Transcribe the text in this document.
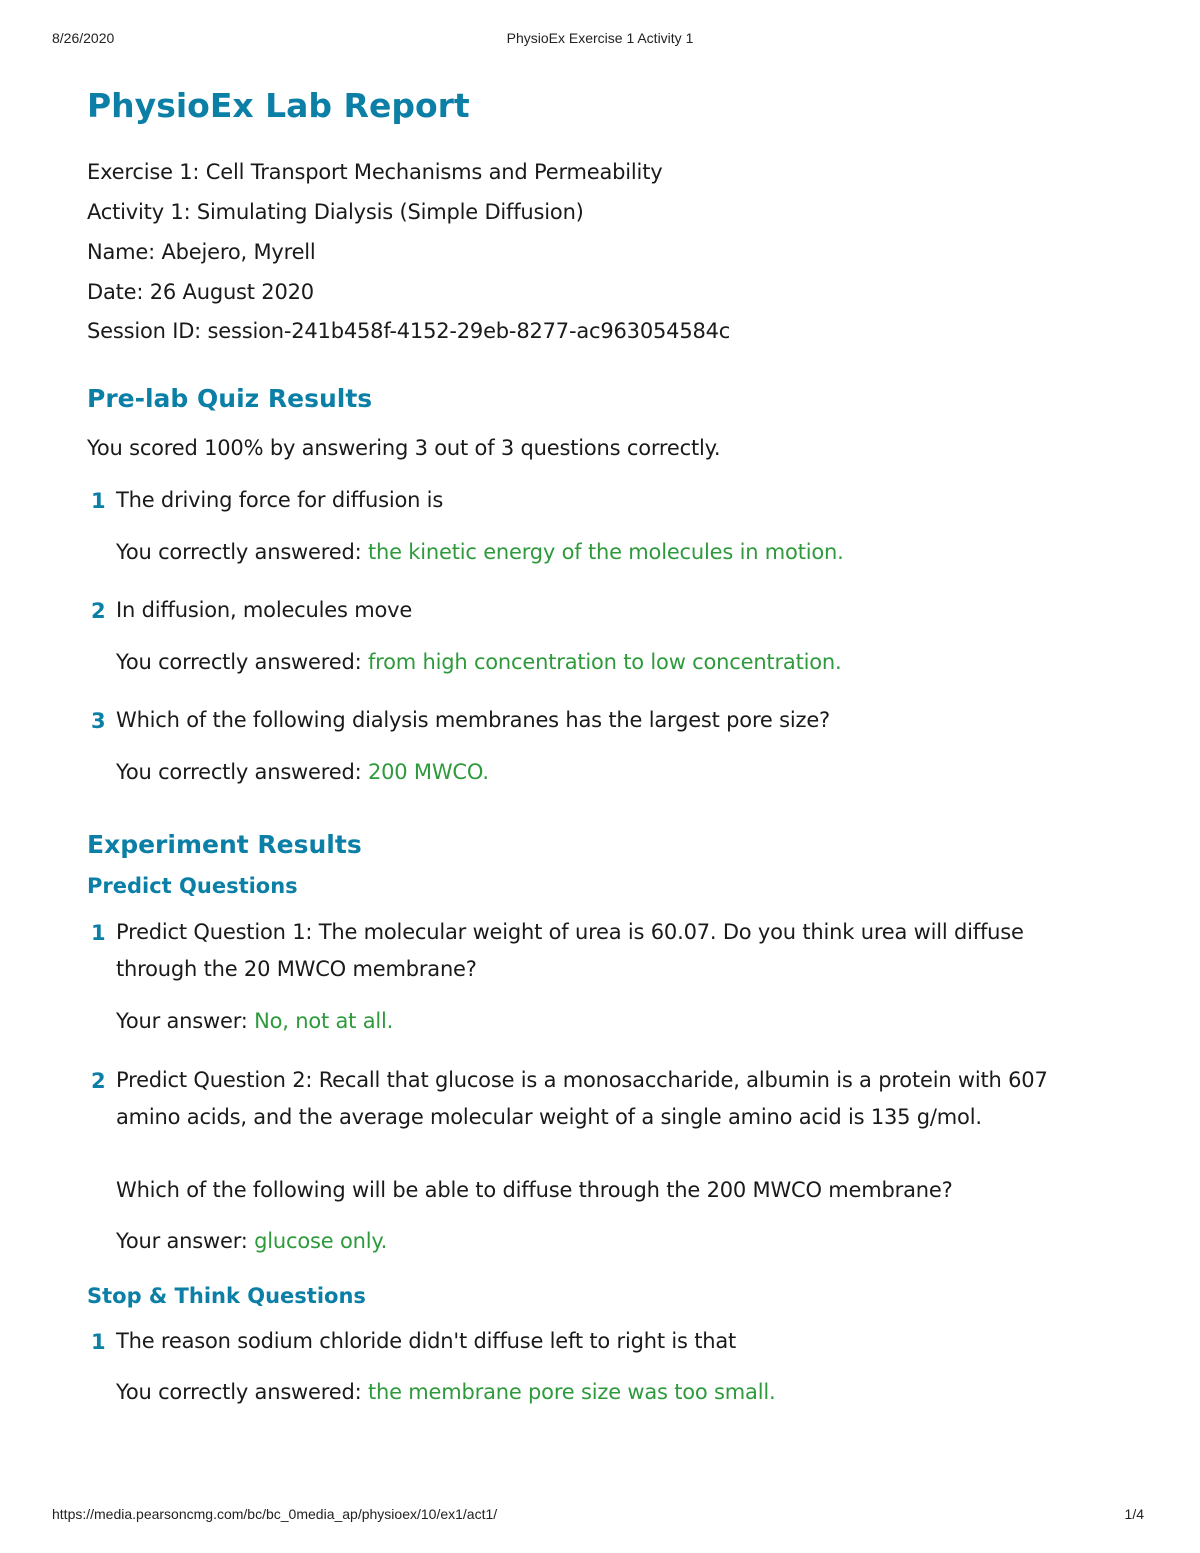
8/26/2020	PhysioEx Exercise 1 Activity 1
PhysioEx Lab Report
Exercise 1: Cell Transport Mechanisms and Permeability
Activity 1: Simulating Dialysis (Simple Diffusion)
Name: Abejero, Myrell
Date: 26 August 2020
Session ID: session-241b458f-4152-29eb-8277-ac963054584c
Pre-lab Quiz Results
You scored 100% by answering 3 out of 3 questions correctly.
1 The driving force for diffusion is
You correctly answered: the kinetic energy of the molecules in motion.
2 In diffusion, molecules move
You correctly answered: from high concentration to low concentration.
3 Which of the following dialysis membranes has the largest pore size?
You correctly answered: 200 MWCO.
Experiment Results
Predict Questions
1 Predict Question 1: The molecular weight of urea is 60.07. Do you think urea will diffuse
through the 20 MWCO membrane?
Your answer: No, not at all.
2 Predict Question 2: Recall that glucose is a monosaccharide, albumin is a protein with 607
amino acids, and the average molecular weight of a single amino acid is 135 g/mol.
Which of the following will be able to diffuse through the 200 MWCO membrane?
Your answer: glucose only.
Stop & Think Questions
1 The reason sodium chloride didn't diffuse left to right is that
You correctly answered: the membrane pore size was too small.
https://media.pearsoncmg.com/bc/bc_0media_ap/physioex/10/ex1/act1/	1/4
